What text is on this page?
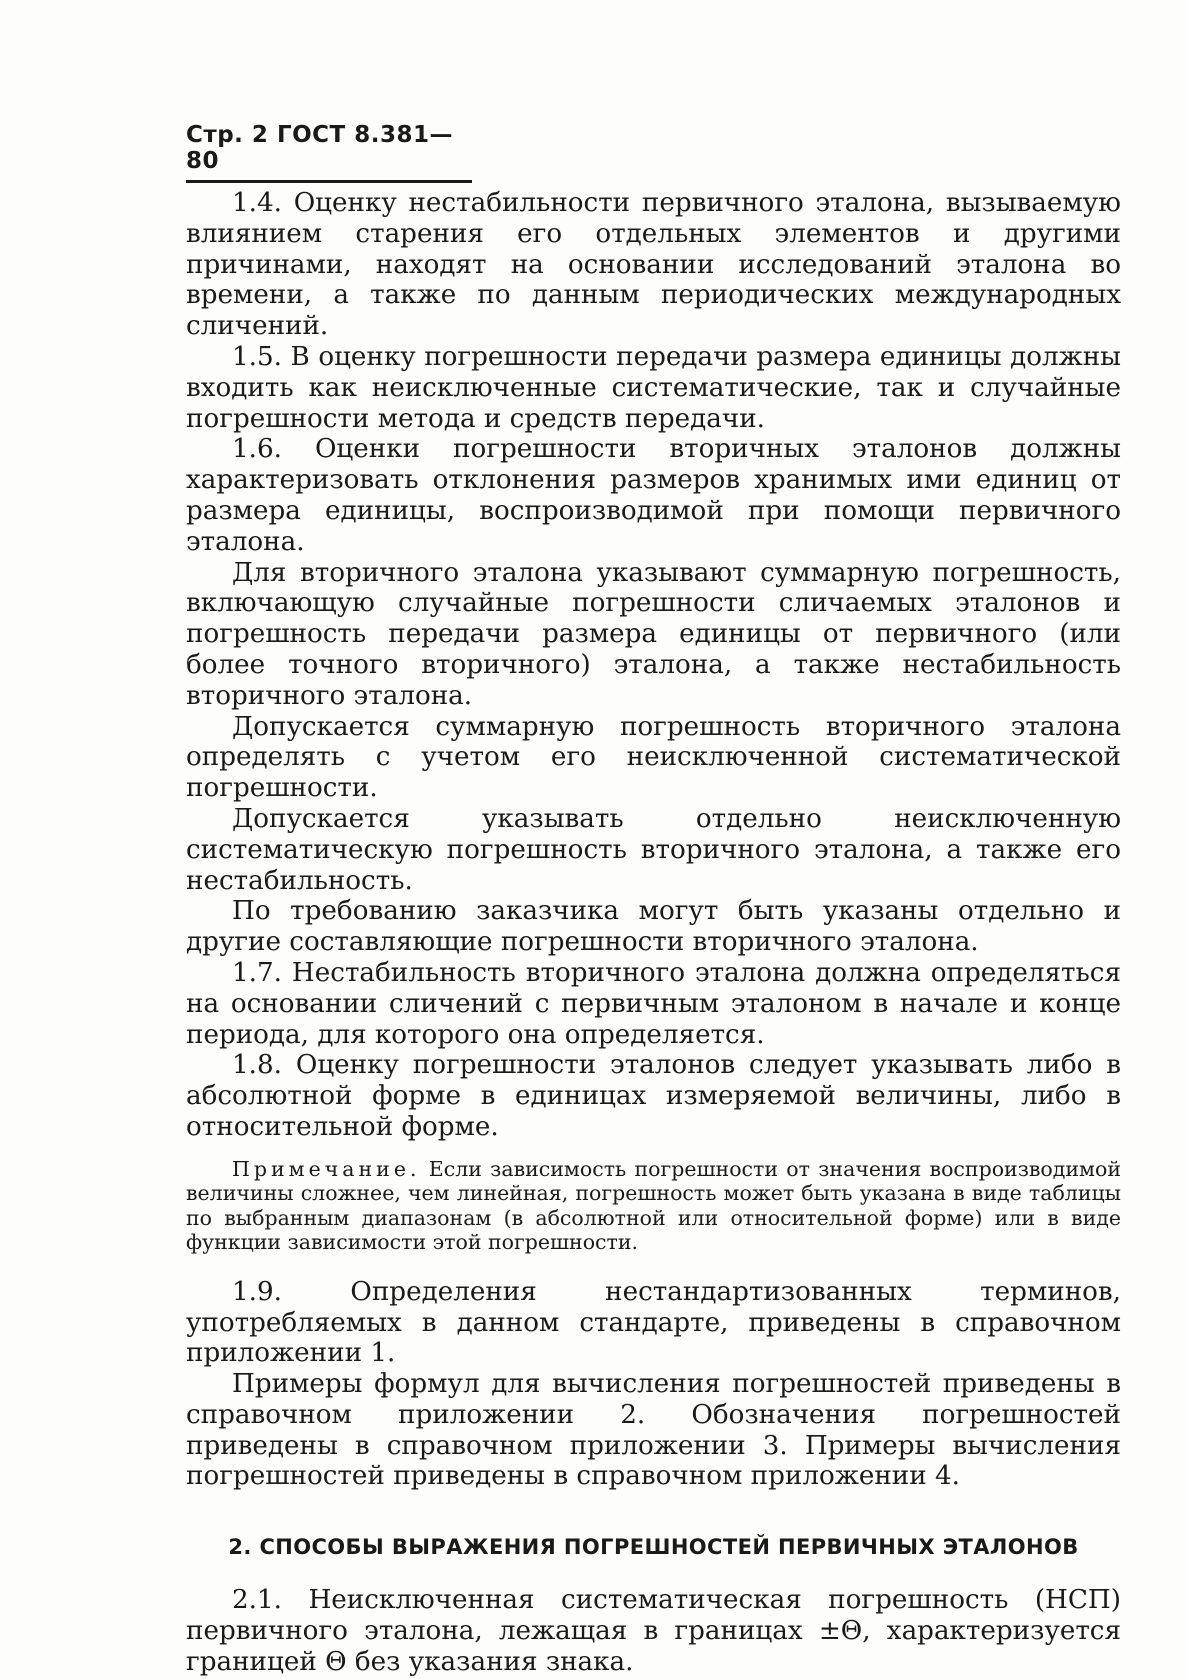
Стр. 2 ГОСТ 8.381—80

1.4. Оценку нестабильности первичного эталона, вызываемую влиянием старения его отдельных элементов и другими причинами, находят на основании исследований эталона во времени, а также по данным периодических международных сличений.

1.5. В оценку погрешности передачи размера единицы должны входить как неисключенные систематические, так и случайные погрешности метода и средств передачи.

1.6. Оценки погрешности вторичных эталонов должны характеризовать отклонения размеров хранимых ими единиц от размера единицы, воспроизводимой при помощи первичного эталона.

Для вторичного эталона указывают суммарную погрешность, включающую случайные погрешности сличаемых эталонов и погрешность передачи размера единицы от первичного (или более точного вторичного) эталона, а также нестабильность вторичного эталона.

Допускается суммарную погрешность вторичного эталона определять с учетом его неисключенной систематической погрешности.

Допускается указывать отдельно неисключенную систематическую погрешность вторичного эталона, а также его нестабильность.

По требованию заказчика могут быть указаны отдельно и другие составляющие погрешности вторичного эталона.

1.7. Нестабильность вторичного эталона должна определяться на основании сличений с первичным эталоном в начале и конце периода, для которого она определяется.

1.8. Оценку погрешности эталонов следует указывать либо в абсолютной форме в единицах измеряемой величины, либо в относительной форме.

Примечание. Если зависимость погрешности от значения воспроизводимой величины сложнее, чем линейная, погрешность может быть указана в виде таблицы по выбранным диапазонам (в абсолютной или относительной форме) или в виде функции зависимости этой погрешности.

1.9. Определения нестандартизованных терминов, употребляемых в данном стандарте, приведены в справочном приложении 1.

Примеры формул для вычисления погрешностей приведены в справочном приложении 2. Обозначения погрешностей приведены в справочном приложении 3. Примеры вычисления погрешностей приведены в справочном приложении 4.

2. СПОСОБЫ ВЫРАЖЕНИЯ ПОГРЕШНОСТЕЙ ПЕРВИЧНЫХ ЭТАЛОНОВ

2.1. Неисключенная систематическая погрешность (НСП) первичного эталона, лежащая в границах ±Θ, характеризуется границей Θ без указания знака.
